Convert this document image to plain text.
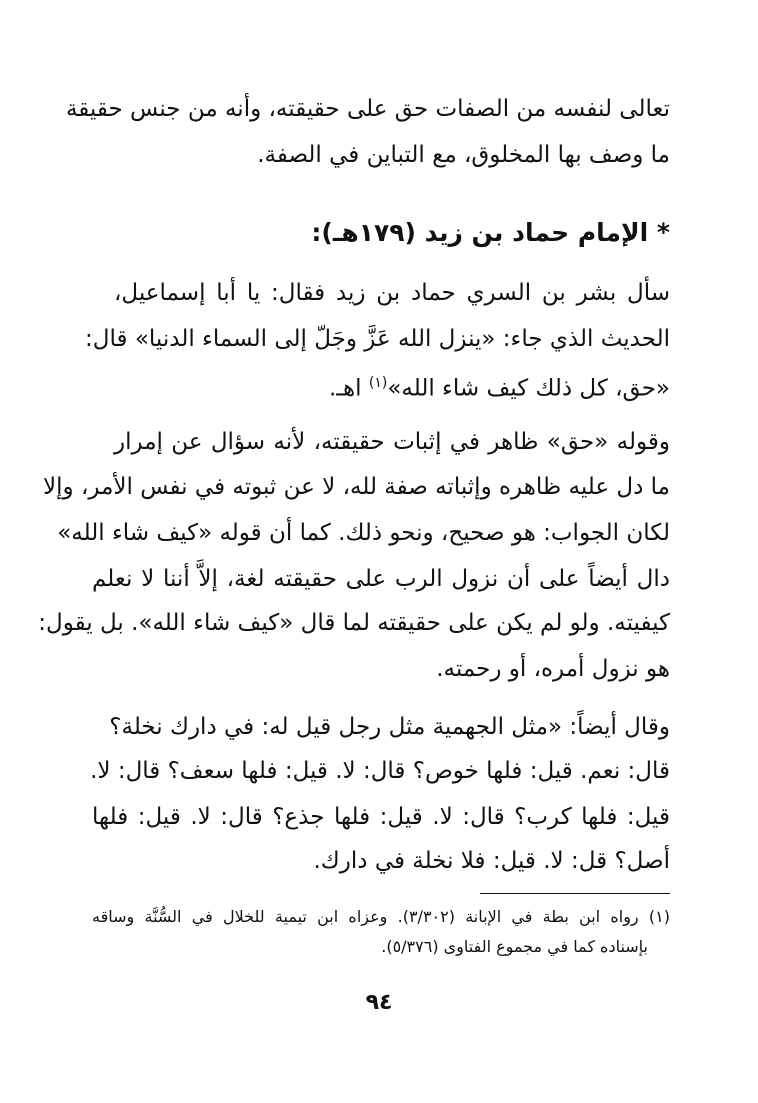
تعالى لنفسه من الصفات حق على حقيقته، وأنه من جنس حقيقة
ما وصف بها المخلوق، مع التباين في الصفة.
* الإمام حماد بن زيد (١٧٩هـ):
سأل بشر بن السري حماد بن زيد فقال: يا أبا إسماعيل،
الحديث الذي جاء: «ينزل الله عَزَّ وجَلّ إلى السماء الدنيا» قال:
«حق، كل ذلك كيف شاء الله»$^{(١)}$ اهـ.
وقوله «حق» ظاهر في إثبات حقيقته، لأنه سؤال عن إمرار
ما دل عليه ظاهره وإثباته صفة لله، لا عن ثبوته في نفس الأمر، وإلا
لكان الجواب: هو صحيح، ونحو ذلك. كما أن قوله «كيف شاء الله»
دال أيضاً على أن نزول الرب على حقيقته لغة، إلاَّ أننا لا نعلم
كيفيته. ولو لم يكن على حقيقته لما قال «كيف شاء الله». بل يقول:
هو نزول أمره، أو رحمته.
وقال أيضاً: «مثل الجهمية مثل رجل قيل له: في دارك نخلة؟
قال: نعم. قيل: فلها خوص؟ قال: لا. قيل: فلها سعف؟ قال: لا.
قيل: فلها كرب؟ قال: لا. قيل: فلها جذع؟ قال: لا. قيل: فلها
أصل؟ قل: لا. قيل: فلا نخلة في دارك.
(١) رواه ابن بطة في الإبانة (٣/٣٠٢). وعزاه ابن تيمية للخلال في السُّنَّة وساقه
بإسناده كما في مجموع الفتاوى (٥/٣٧٦).
٩٤
